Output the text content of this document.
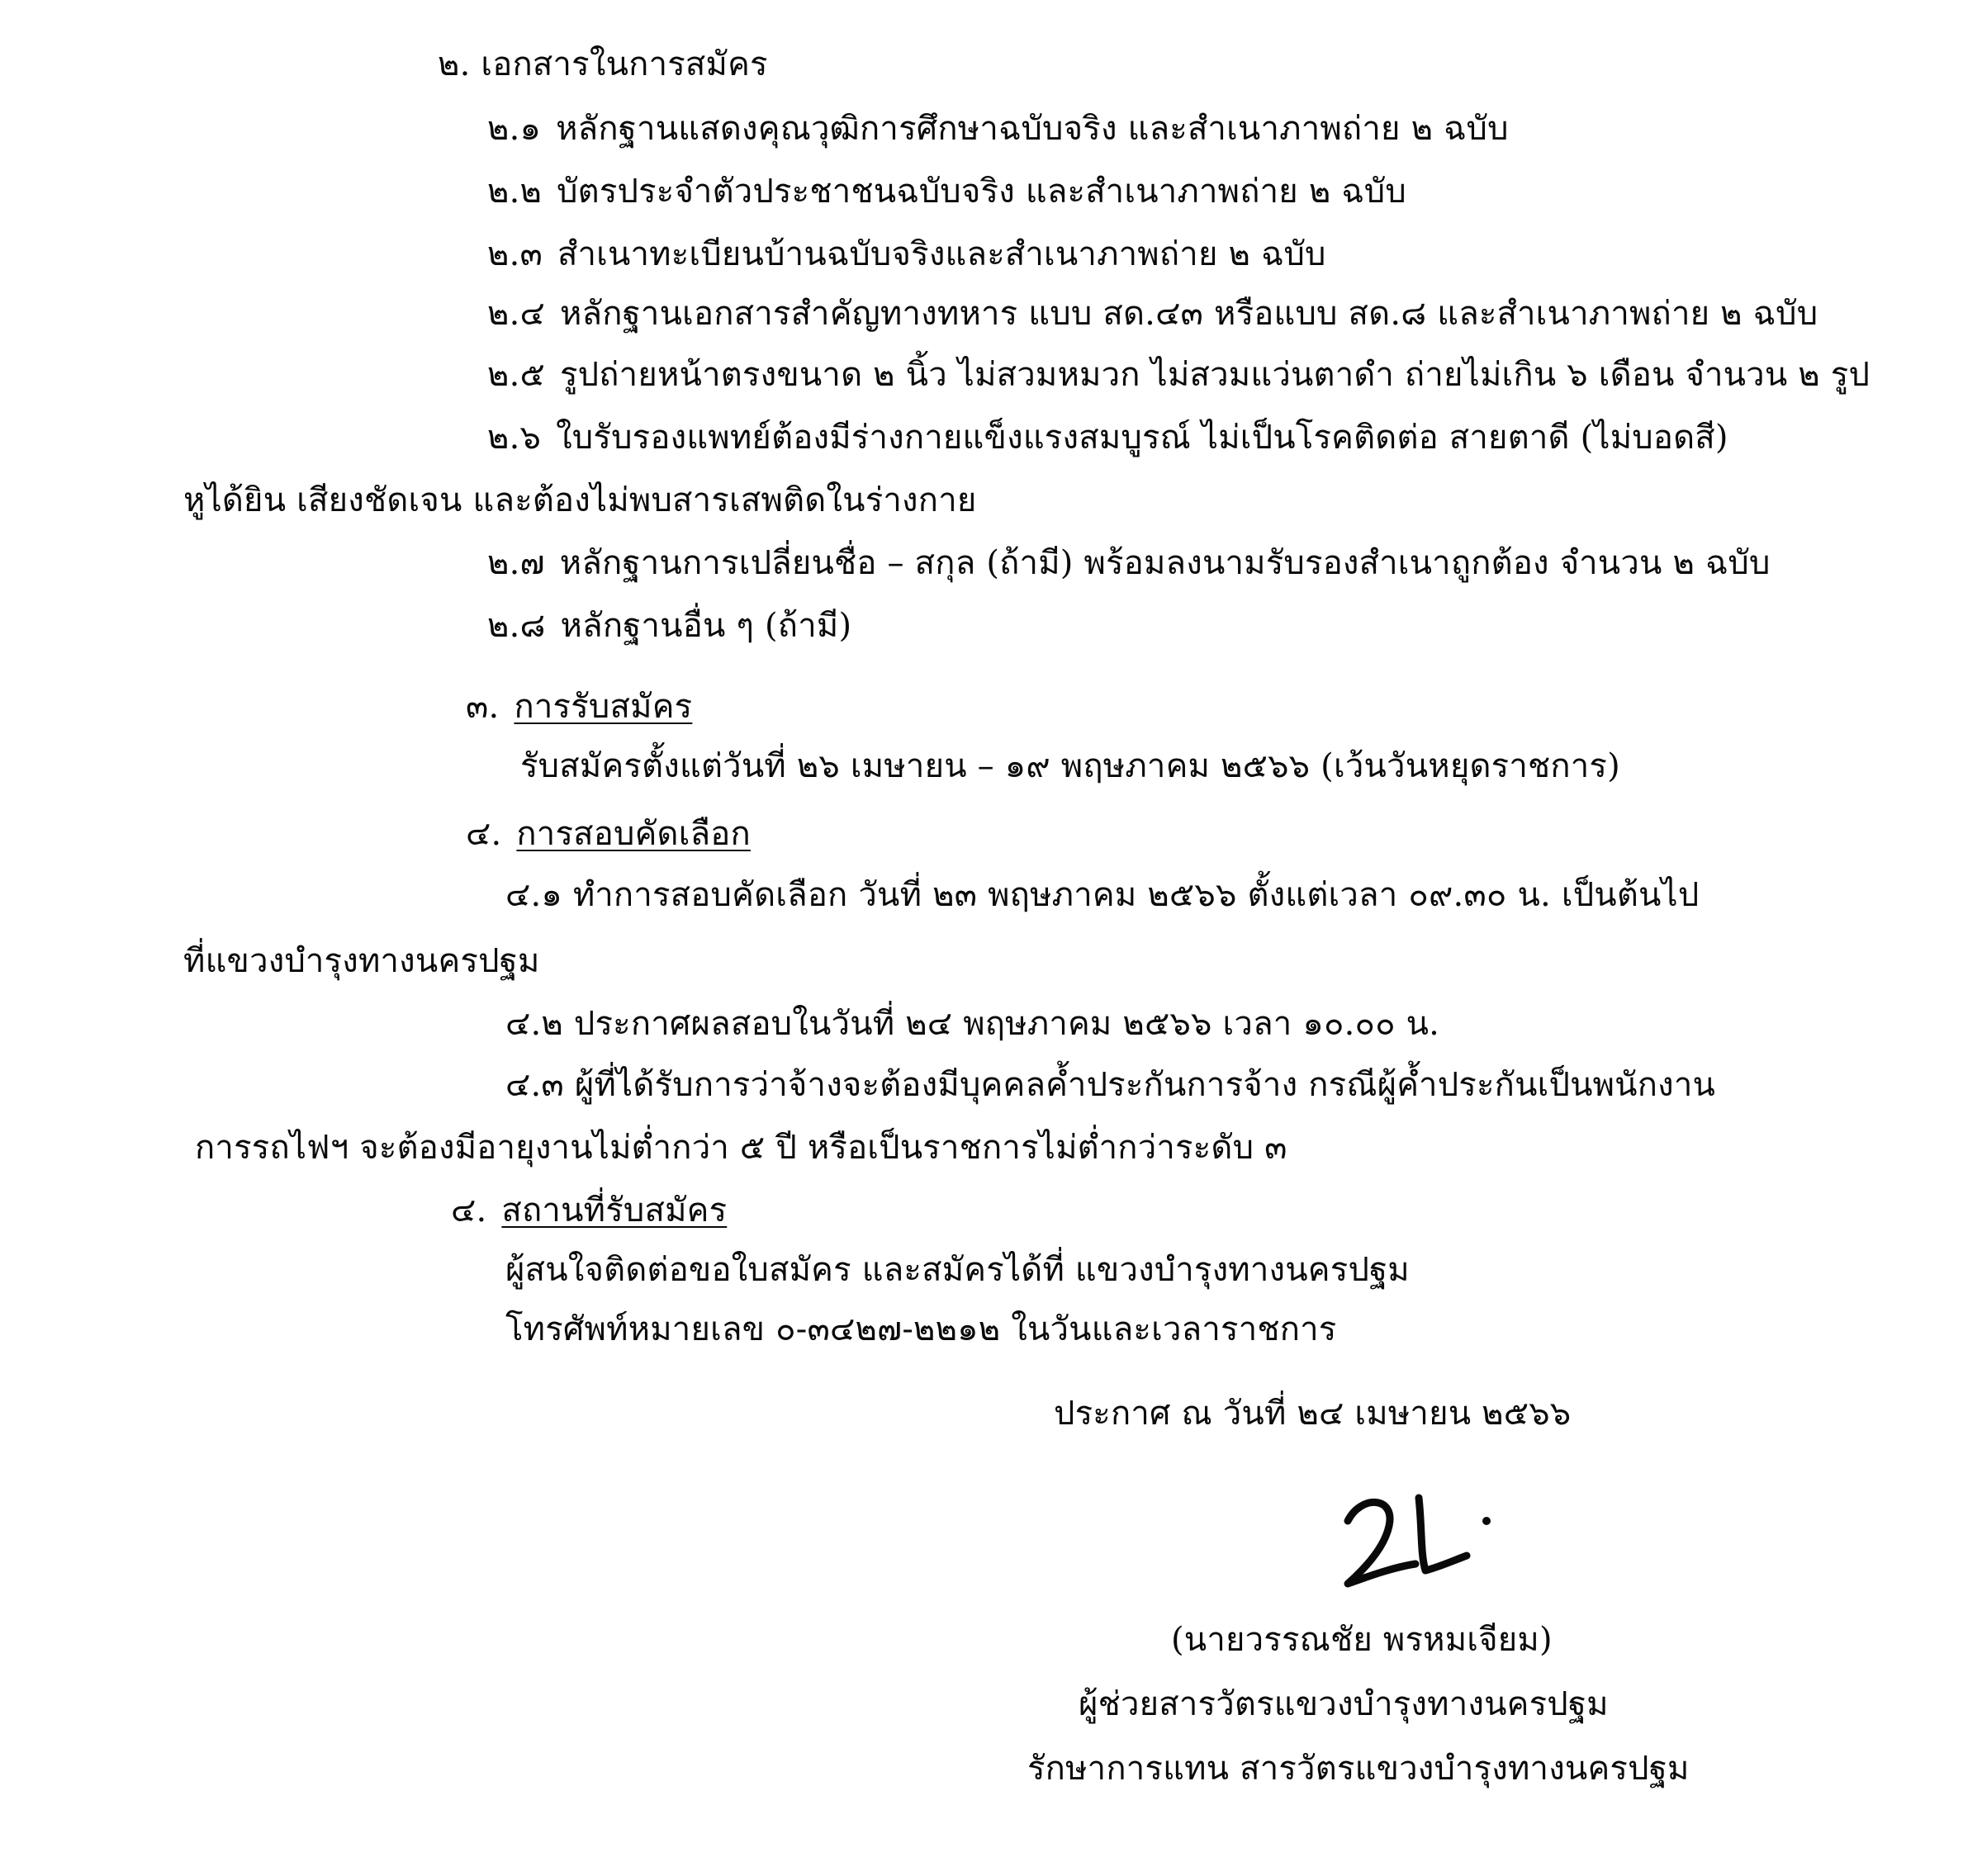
๒. เอกสารในการสมัคร
๒.๑ หลักฐานแสดงคุณวุฒิการศึกษาฉบับจริง และสำเนาภาพถ่าย ๒ ฉบับ
๒.๒ บัตรประจำตัวประชาชนฉบับจริง และสำเนาภาพถ่าย ๒ ฉบับ
๒.๓ สำเนาทะเบียนบ้านฉบับจริงและสำเนาภาพถ่าย ๒ ฉบับ
๒.๔ หลักฐานเอกสารสำคัญทางทหาร แบบ สด.๔๓ หรือแบบ สด.๘ และสำเนาภาพถ่าย ๒ ฉบับ
๒.๕ รูปถ่ายหน้าตรงขนาด ๒ นิ้ว ไม่สวมหมวก ไม่สวมแว่นตาดำ ถ่ายไม่เกิน ๖ เดือน จำนวน ๒ รูป
๒.๖ ใบรับรองแพทย์ต้องมีร่างกายแข็งแรงสมบูรณ์ ไม่เป็นโรคติดต่อ สายตาดี (ไม่บอดสี)
หูได้ยิน เสียงชัดเจน และต้องไม่พบสารเสพติดในร่างกาย
๒.๗ หลักฐานการเปลี่ยนชื่อ – สกุล (ถ้ามี) พร้อมลงนามรับรองสำเนาถูกต้อง จำนวน ๒ ฉบับ
๒.๘ หลักฐานอื่น ๆ (ถ้ามี)
๓. การรับสมัคร
รับสมัครตั้งแต่วันที่ ๒๖ เมษายน – ๑๙ พฤษภาคม ๒๕๖๖ (เว้นวันหยุดราชการ)
๔. การสอบคัดเลือก
๔.๑ ทำการสอบคัดเลือก วันที่ ๒๓ พฤษภาคม ๒๕๖๖ ตั้งแต่เวลา ๐๙.๓๐ น. เป็นต้นไป
ที่แขวงบำรุงทางนครปฐม
๔.๒ ประกาศผลสอบในวันที่ ๒๔ พฤษภาคม ๒๕๖๖ เวลา ๑๐.๐๐ น.
๔.๓ ผู้ที่ได้รับการว่าจ้างจะต้องมีบุคคลค้ำประกันการจ้าง กรณีผู้ค้ำประกันเป็นพนักงาน
การรถไฟฯ จะต้องมีอายุงานไม่ต่ำกว่า ๕ ปี หรือเป็นราชการไม่ต่ำกว่าระดับ ๓
๔. สถานที่รับสมัคร
ผู้สนใจติดต่อขอใบสมัคร และสมัครได้ที่ แขวงบำรุงทางนครปฐม
โทรศัพท์หมายเลข ๐-๓๔๒๗-๒๒๑๒ ในวันและเวลาราชการ
ประกาศ ณ วันที่ ๒๔ เมษายน ๒๕๖๖
(นายวรรณชัย พรหมเจียม)
ผู้ช่วยสารวัตรแขวงบำรุงทางนครปฐม
รักษาการแทน สารวัตรแขวงบำรุงทางนครปฐม
